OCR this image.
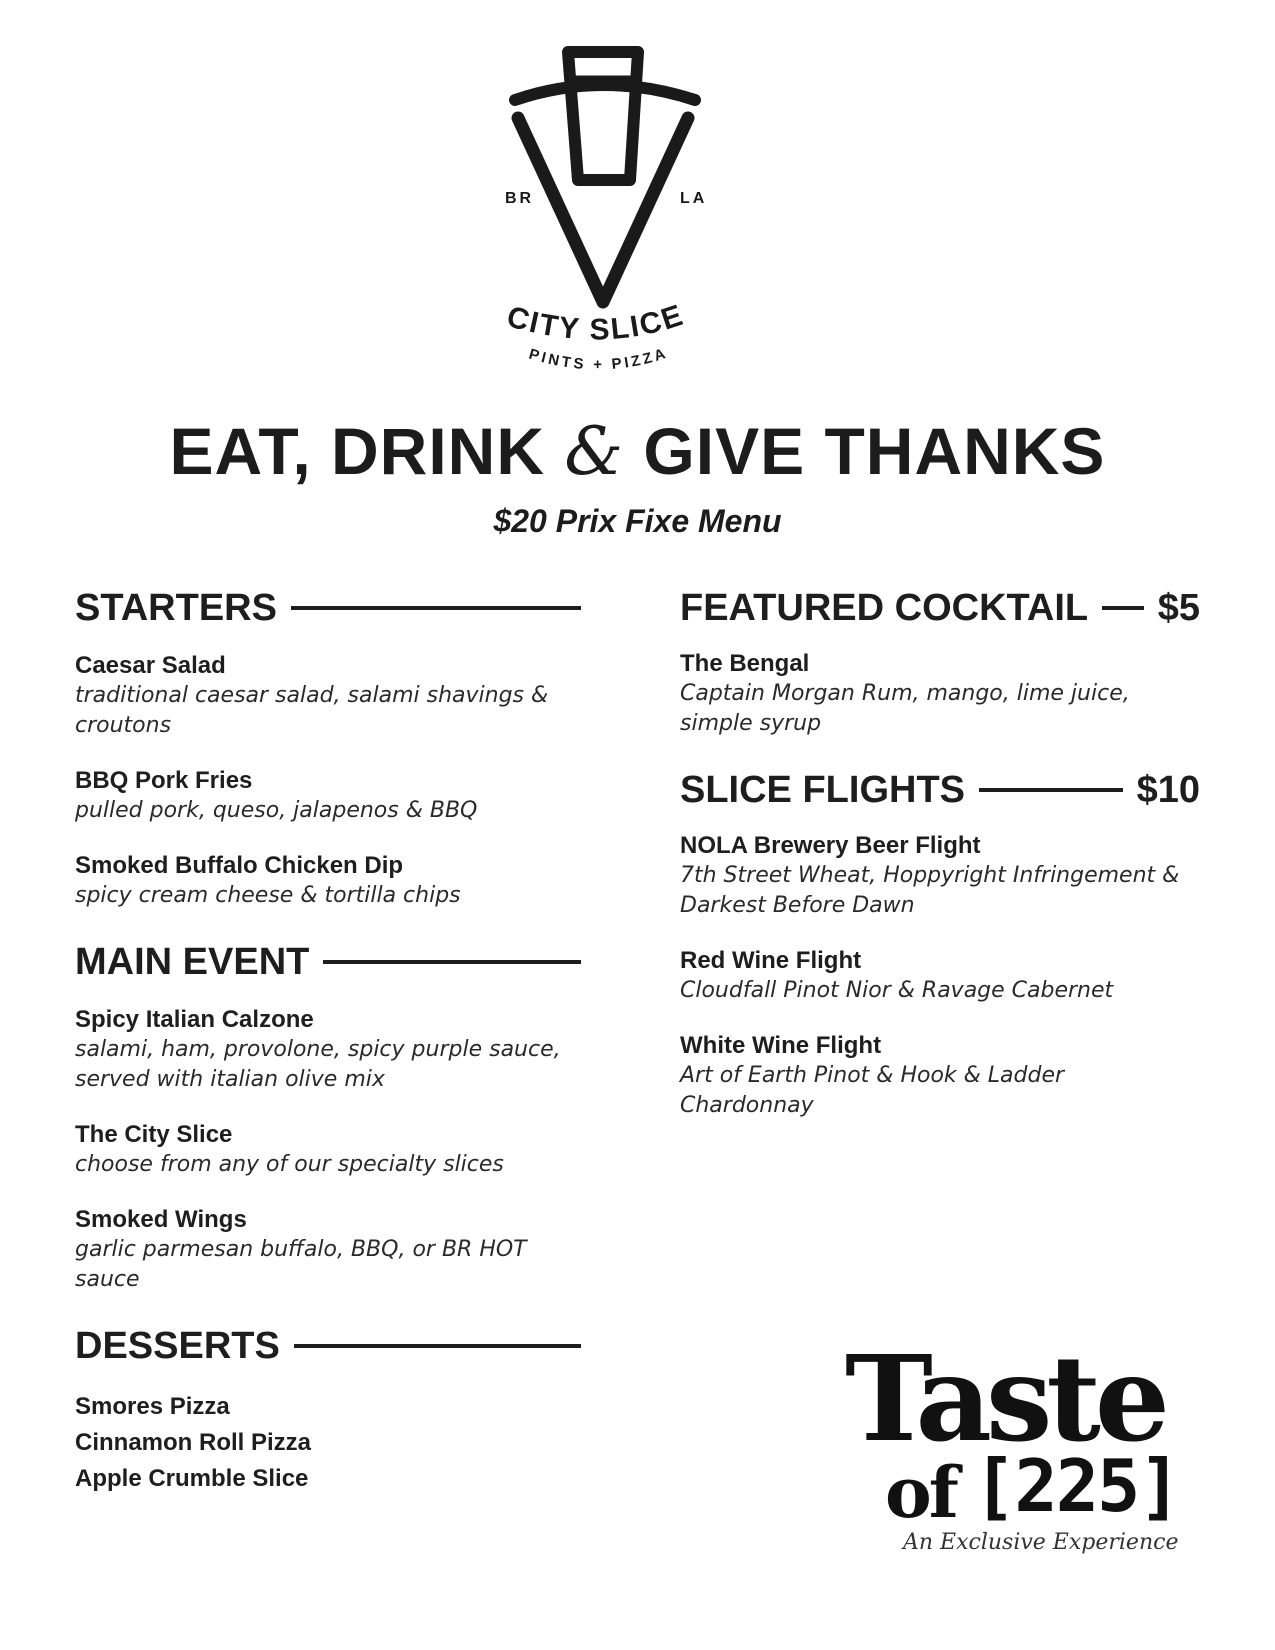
CITY SLICE
PINTS + PIZZA
BR	LA
EAT, DRINK & GIVE THANKS
$20 Prix Fixe Menu
STARTERS
Caesar Salad
traditional caesar salad, salami shavings & croutons
BBQ Pork Fries
pulled pork, queso, jalapenos & BBQ
Smoked Buffalo Chicken Dip
spicy cream cheese & tortilla chips
MAIN EVENT
Spicy Italian Calzone
salami, ham, provolone, spicy purple sauce, served with italian olive mix
The City Slice
choose from any of our specialty slices
Smoked Wings
garlic parmesan buffalo, BBQ, or BR HOT sauce
DESSERTS
Smores Pizza
Cinnamon Roll Pizza
Apple Crumble Slice
FEATURED COCKTAIL $5
The Bengal
Captain Morgan Rum, mango, lime juice, simple syrup
SLICE FLIGHTS	$10
NOLA Brewery Beer Flight
7th Street Wheat, Hoppyright Infringement & Darkest Before Dawn
Red Wine Flight
Cloudfall Pinot Nior & Ravage Cabernet
White Wine Flight
Art of Earth Pinot & Hook & Ladder Chardonnay
Taste
of [225]
An Exclusive Experience
